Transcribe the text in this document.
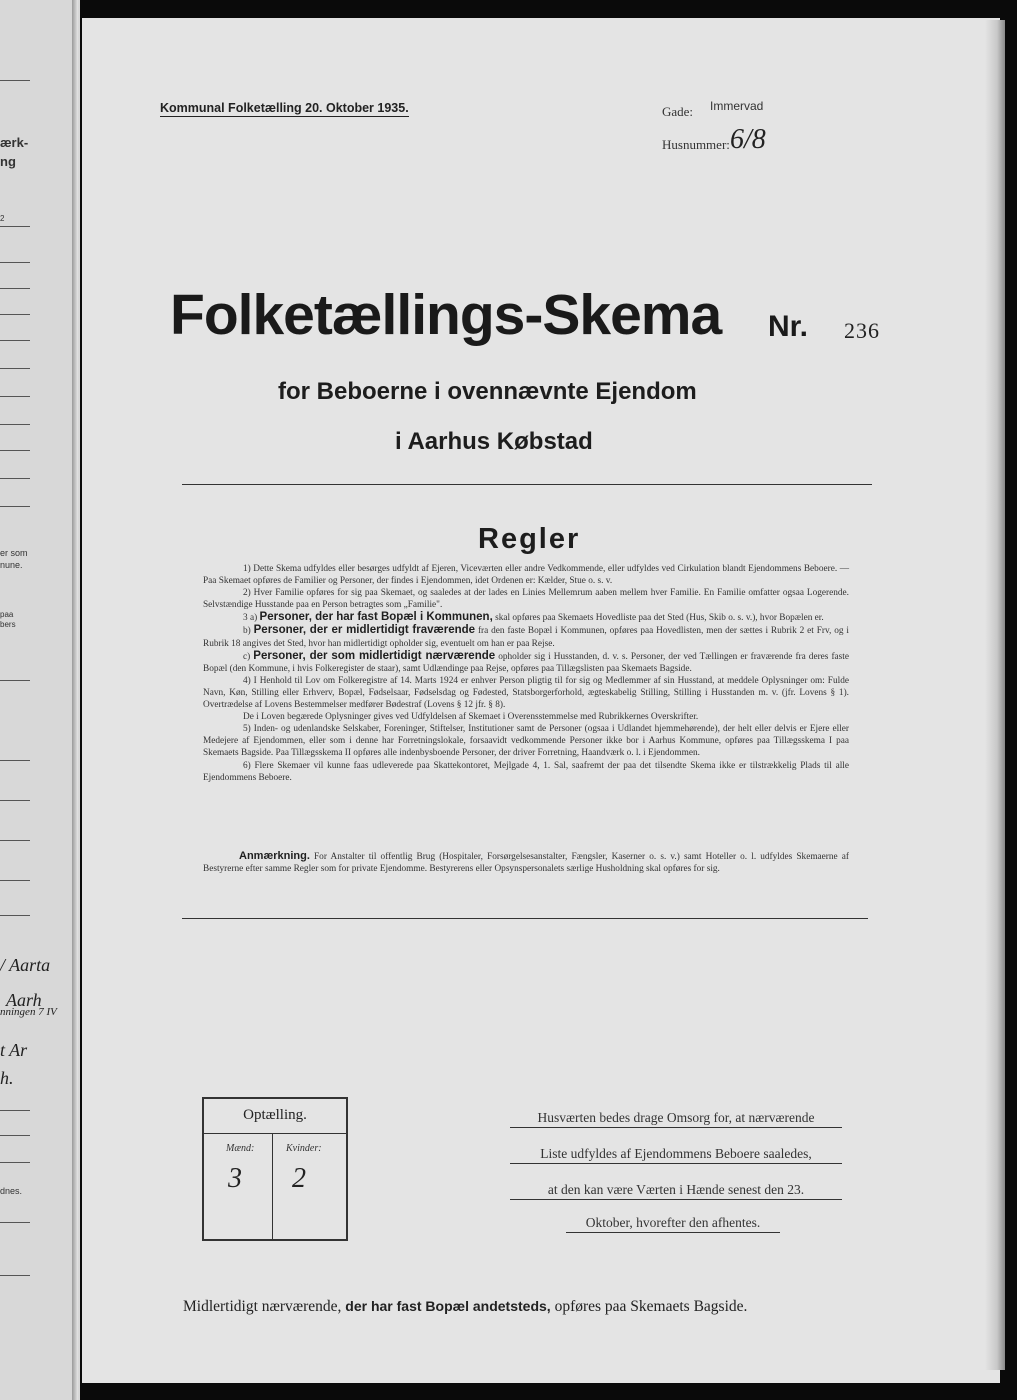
ærk-
ng
2
er som
nune.
paa
bers
/ Aarta
Aarh
nningen 7 IV
t Ar
h.
dnes.
Kommunal Folketælling 20. Oktober 1935.	Gade: Immervad
Husnummer: 6/8
Folketællings-Skema Nr. 236
for Beboerne i ovennævnte Ejendom
i Aarhus Købstad
Regler

1) Dette Skema udfyldes eller besørges udfyldt af Ejeren, Viceværten eller andre Vedkommende, eller udfyldes ved Cirkulation blandt Ejendommens Beboere. — Paa Skemaet opføres de Familier og Personer, der findes i Ejendommen, idet Ordenen er: Kælder, Stue o. s. v.

2) Hver Familie opføres for sig paa Skemaet, og saaledes at der lades en Linies Mellemrum aaben mellem hver Familie. En Familie omfatter ogsaa Logerende. Selvstændige Husstande paa en Person betragtes som „Familie".

3 a) Personer, der har fast Bopæl i Kommunen, skal opføres paa Skemaets Hovedliste paa det Sted (Hus, Skib o. s. v.), hvor Bopælen er.

b) Personer, der er midlertidigt fraværende fra den faste Bopæl i Kommunen, opføres paa Hovedlisten, men der sættes i Rubrik 2 et Frv, og i Rubrik 18 angives det Sted, hvor han midlertidigt opholder sig, eventuelt om han er paa Rejse.

c) Personer, der som midlertidigt nærværende opholder sig i Husstanden, d. v. s. Personer, der ved Tællingen er fraværende fra deres faste Bopæl (den Kommune, i hvis Folkeregister de staar), samt Udlændinge paa Rejse, opføres paa Tillægslisten paa Skemaets Bagside.

4) I Henhold til Lov om Folkeregistre af 14. Marts 1924 er enhver Person pligtig til for sig og Medlemmer af sin Husstand, at meddele Oplysninger om: Fulde Navn, Køn, Stilling eller Erhverv, Bopæl, Fødselsaar, Fødselsdag og Fødested, Statsborgerforhold, ægteskabelig Stilling, Stilling i Husstanden m. v. (jfr. Lovens § 1). Overtrædelse af Lovens Bestemmelser medfører Bødestraf (Lovens § 12 jfr. § 8).

De i Loven begærede Oplysninger gives ved Udfyldelsen af Skemaet i Overensstemmelse med Rubrikkernes Overskrifter.

5) Inden- og udenlandske Selskaber, Foreninger, Stiftelser, Institutioner samt de Personer (ogsaa i Udlandet hjemmehørende), der helt eller delvis er Ejere eller Medejere af Ejendommen, eller som i denne har Forretningslokale, forsaavidt vedkommende Personer ikke bor i Aarhus Kommune, opføres paa Tillægsskema I paa Skemaets Bagside. Paa Tillægsskema II opføres alle indenbysboende Personer, der driver Forretning, Haandværk o. l. i Ejendommen.

6) Flere Skemaer vil kunne faas udleverede paa Skattekontoret, Mejlgade 4, 1. Sal, saafremt der paa det tilsendte Skema ikke er tilstrækkelig Plads til alle Ejendommens Beboere.

Anmærkning. For Anstalter til offentlig Brug (Hospitaler, Forsørgelsesanstalter, Fængsler, Kaserner o. s. v.) samt Hoteller o. l. udfyldes Skemaerne af Bestyrerne efter samme Regler som for private Ejendomme. Bestyrerens eller Opsynspersonalets særlige Husholdning skal opføres for sig.
Optælling.
Mænd:	Kvinder:
3 2
Husværten bedes drage Omsorg for, at nærværende
Liste udfyldes af Ejendommens Beboere saaledes,
at den kan være Værten i Hænde senest den 23.
Oktober, hvorefter den afhentes.
Midlertidigt nærværende, der har fast Bopæl andetsteds, opføres paa Skemaets Bagside.
